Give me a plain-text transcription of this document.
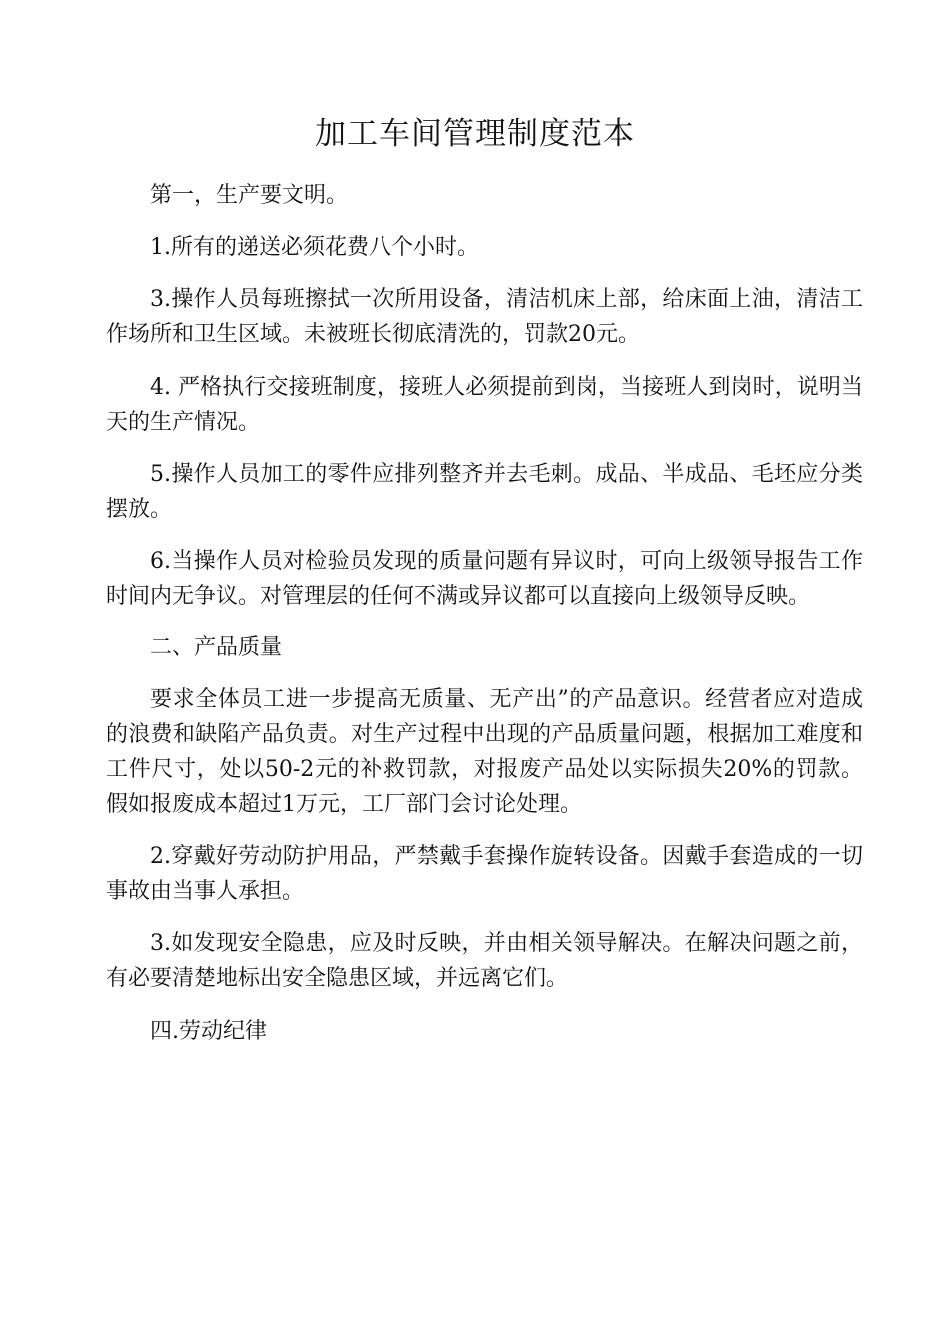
加工车间管理制度范本

第一，生产要文明。

1.所有的递送必须花费八个小时。

3.操作人员每班擦拭一次所用设备，清洁机床上部，给床面上油，清洁工作场所和卫生区域。未被班长彻底清洗的，罚款20元。

4. 严格执行交接班制度，接班人必须提前到岗，当接班人到岗时，说明当天的生产情况。

5.操作人员加工的零件应排列整齐并去毛刺。成品、半成品、毛坯应分类摆放。

6.当操作人员对检验员发现的质量问题有异议时，可向上级领导报告工作时间内无争议。对管理层的任何不满或异议都可以直接向上级领导反映。

二、产品质量

要求全体员工进一步提高无质量、无产出”的产品意识。经营者应对造成的浪费和缺陷产品负责。对生产过程中出现的产品质量问题，根据加工难度和工件尺寸，处以50-2元的补救罚款，对报废产品处以实际损失20%的罚款。假如报废成本超过1万元，工厂部门会讨论处理。

2.穿戴好劳动防护用品，严禁戴手套操作旋转设备。因戴手套造成的一切事故由当事人承担。

3.如发现安全隐患，应及时反映，并由相关领导解决。在解决问题之前，有必要清楚地标出安全隐患区域，并远离它们。

四.劳动纪律
